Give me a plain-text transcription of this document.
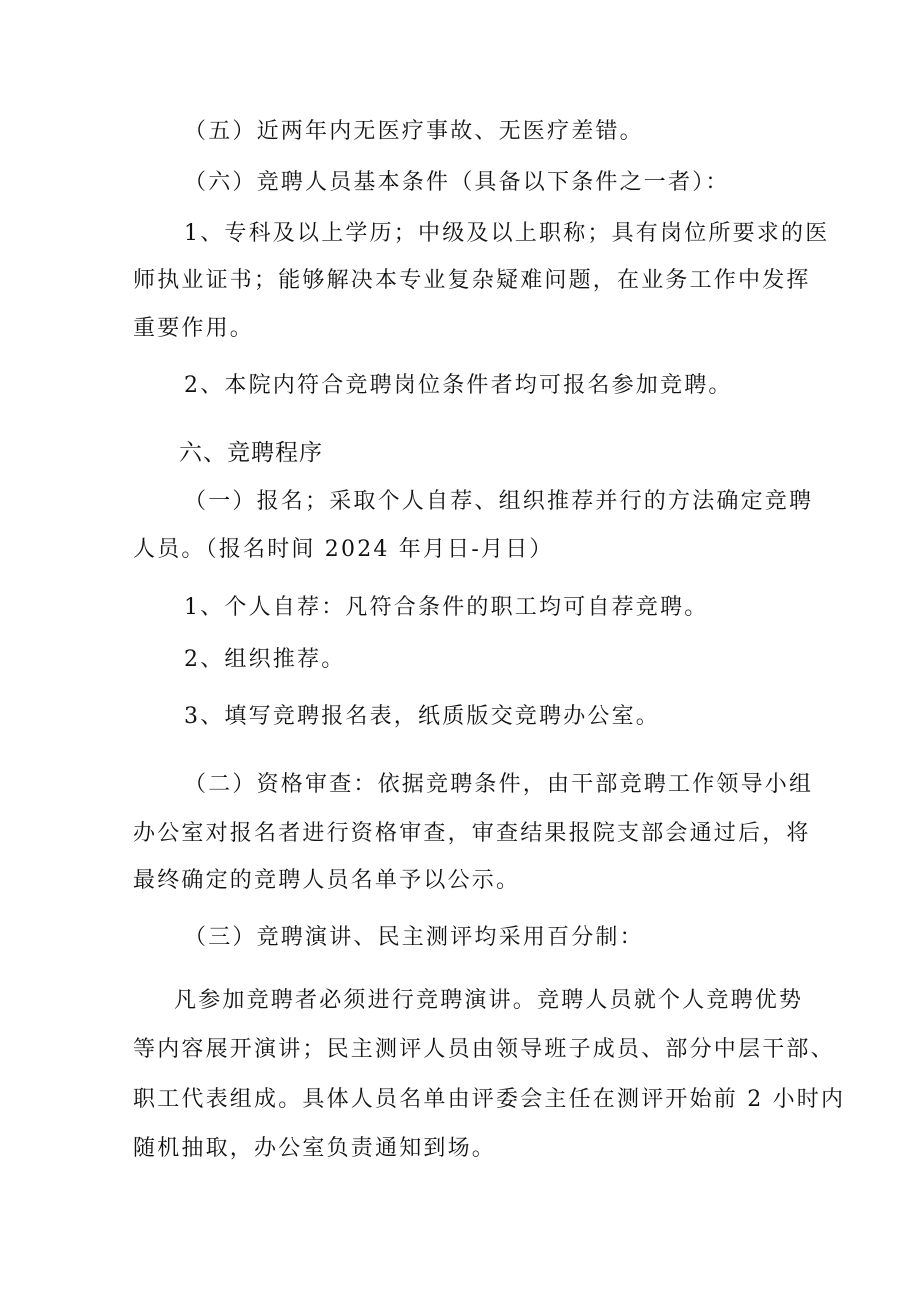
（五）近两年内无医疗事故、无医疗差错。

（六）竞聘人员基本条件（具备以下条件之一者）：

1、专科及以上学历；中级及以上职称；具有岗位所要求的医

师执业证书；能够解决本专业复杂疑难问题，在业务工作中发挥

重要作用。

2、本院内符合竞聘岗位条件者均可报名参加竞聘。

六、竞聘程序

（一）报名；采取个人自荐、组织推荐并行的方法确定竞聘

人员。（报名时间 2024 年月日-月日）

1、个人自荐：凡符合条件的职工均可自荐竞聘。

2、组织推荐。

3、填写竞聘报名表，纸质版交竞聘办公室。

（二）资格审查：依据竞聘条件，由干部竞聘工作领导小组

办公室对报名者进行资格审查，审查结果报院支部会通过后，将

最终确定的竞聘人员名单予以公示。

（三）竞聘演讲、民主测评均采用百分制：

凡参加竞聘者必须进行竞聘演讲。竞聘人员就个人竞聘优势

等内容展开演讲；民主测评人员由领导班子成员、部分中层干部、

职工代表组成。具体人员名单由评委会主任在测评开始前 2 小时内

随机抽取，办公室负责通知到场。
